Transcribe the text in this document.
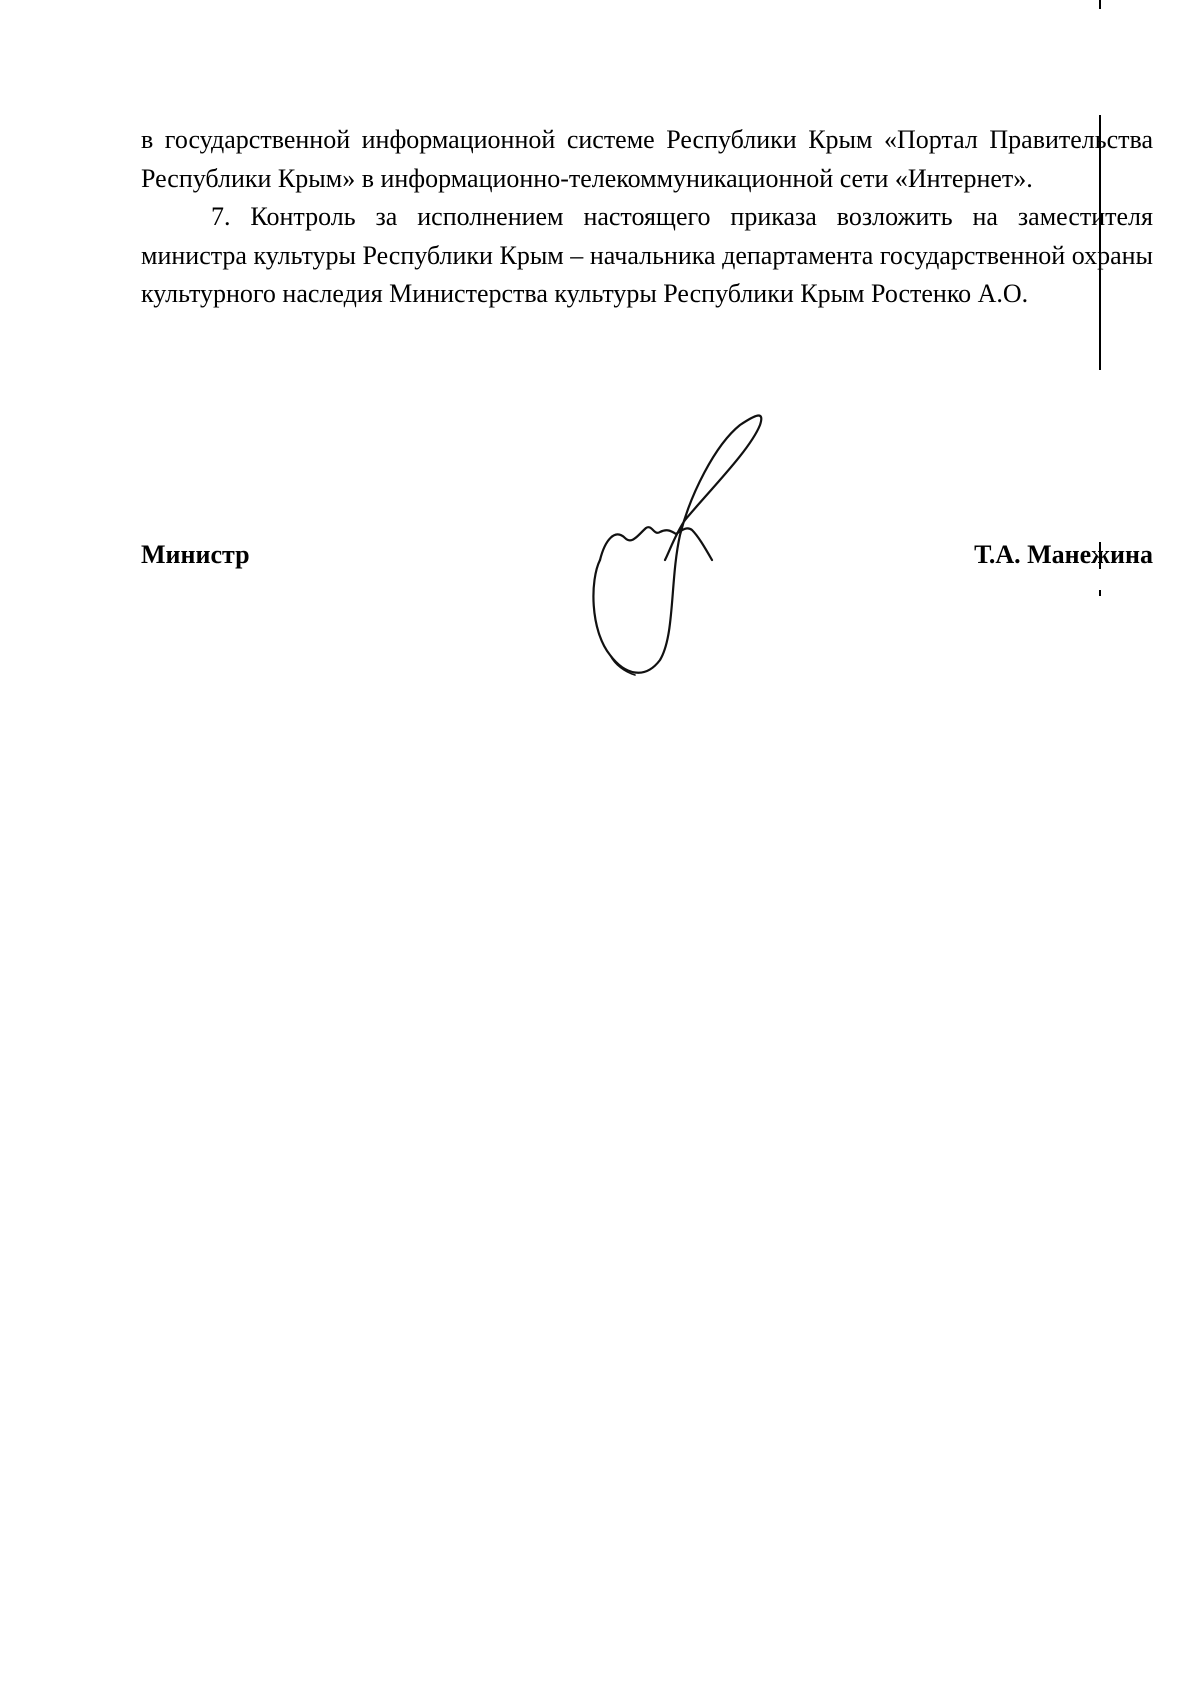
в государственной информационной системе Республики Крым «Портал Правительства Республики Крым» в информационно-телекоммуникационной сети «Интернет».

7. Контроль за исполнением настоящего приказа возложить на заместителя министра культуры Республики Крым – начальника департамента государственной охраны культурного наследия Министерства культуры Республики Крым Ростенко А.О.

Министр	Т.А. Манежина
